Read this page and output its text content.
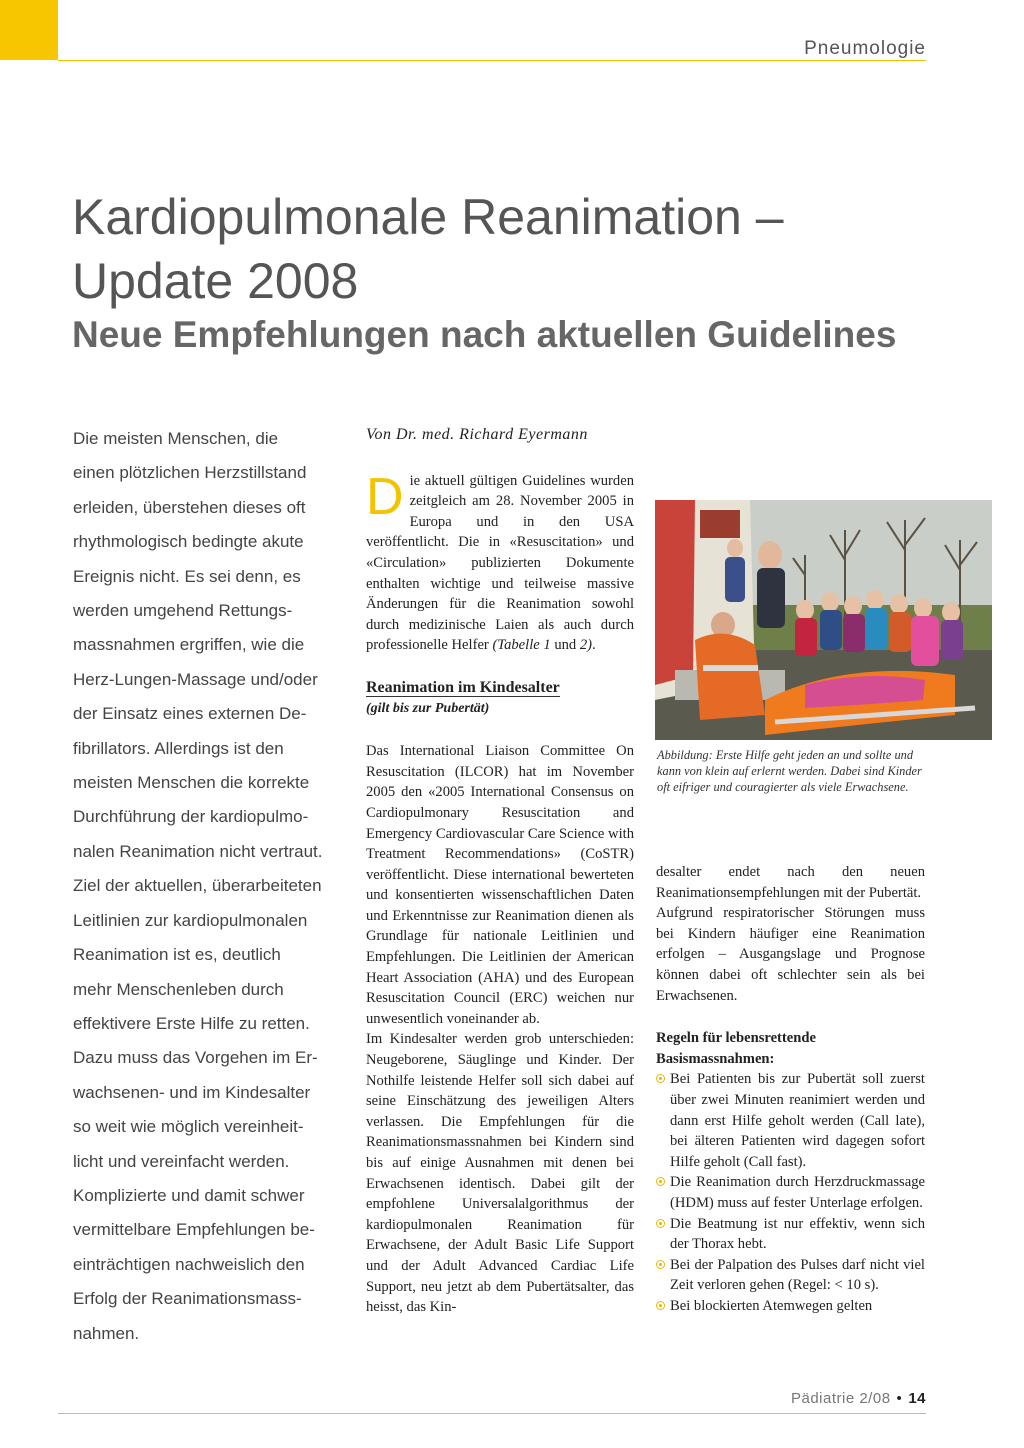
Pneumologie
Kardiopulmonale Reanimation –
Update 2008
Neue Empfehlungen nach aktuellen Guidelines

Die meisten Menschen, die

einen plötzlichen Herzstillstand

erleiden, überstehen dieses oft

rhythmologisch bedingte akute

Ereignis nicht. Es sei denn, es

werden umgehend Rettungs-

massnahmen ergriffen, wie die

Herz-Lungen-Massage und/oder

der Einsatz eines externen De-

fibrillators. Allerdings ist den

meisten Menschen die korrekte

Durchführung der kardiopulmo-

nalen Reanimation nicht vertraut.

Ziel der aktuellen, überarbeiteten

Leitlinien zur kardiopulmonalen

Reanimation ist es, deutlich

mehr Menschenleben durch

effektivere Erste Hilfe zu retten.

Dazu muss das Vorgehen im Er-

wachsenen- und im Kindesalter

so weit wie möglich vereinheit-

licht und vereinfacht werden.

Komplizierte und damit schwer

vermittelbare Empfehlungen be-

einträchtigen nachweislich den

Erfolg der Reanimationsmass-

nahmen.

Von Dr. med. Richard Eyermann

Die aktuell gültigen Guidelines wurden zeitgleich am 28. November 2005 in Europa und in den USA veröffentlicht. Die in «Resuscitation» und «Circulation» publizierten Dokumente enthalten wichtige und teilweise massive Änderungen für die Reanimation sowohl durch medizinische Laien als auch durch professionelle Helfer (Tabelle 1 und 2).

Reanimation im Kindesalter

(gilt bis zur Pubertät)

Das International Liaison Committee On Resuscitation (ILCOR) hat im November 2005 den «2005 International Consensus on Cardiopulmonary Resuscitation and Emergency Cardiovascular Care Science with Treatment Recommendations» (CoSTR) veröffentlicht. Diese international bewerteten und konsentierten wissenschaftlichen Daten und Erkenntnisse zur Reanimation dienen als Grundlage für nationale Leitlinien und Empfehlungen. Die Leitlinien der American Heart Association (AHA) und des European Resuscitation Council (ERC) weichen nur unwesentlich voneinander ab.

Im Kindesalter werden grob unterschieden: Neugeborene, Säuglinge und Kinder. Der Nothilfe leistende Helfer soll sich dabei auf seine Einschätzung des jeweiligen Alters verlassen. Die Empfehlungen für die Reanimationsmassnahmen bei Kindern sind bis auf einige Ausnahmen mit denen bei Erwachsenen identisch. Dabei gilt der empfohlene Universalalgorithmus der kardiopulmonalen Reanimation für Erwachsene, der Adult Basic Life Support und der Adult Advanced Cardiac Life Support, neu jetzt ab dem Pubertätsalter, das heisst, das Kin-

Abbildung: Erste Hilfe geht jeden an und sollte und kann von klein auf erlernt werden. Dabei sind Kinder oft eifriger und couragierter als viele Erwachsene.

desalter endet nach den neuen Reanimationsempfehlungen mit der Pubertät.

Aufgrund respiratorischer Störungen muss bei Kindern häufiger eine Reanimation erfolgen – Ausgangslage und Prognose können dabei oft schlechter sein als bei Erwachsenen.

Regeln für lebensrettende Basismassnahmen:

Bei Patienten bis zur Pubertät soll zuerst über zwei Minuten reanimiert werden und dann erst Hilfe geholt werden (Call late), bei älteren Patienten wird dagegen sofort Hilfe geholt (Call fast).
Die Reanimation durch Herzdruckmassage (HDM) muss auf fester Unterlage erfolgen.
Die Beatmung ist nur effektiv, wenn sich der Thorax hebt.
Bei der Palpation des Pulses darf nicht viel Zeit verloren gehen (Regel: < 10 s).
Bei blockierten Atemwegen gelten
Pädiatrie 2/08 • 14
